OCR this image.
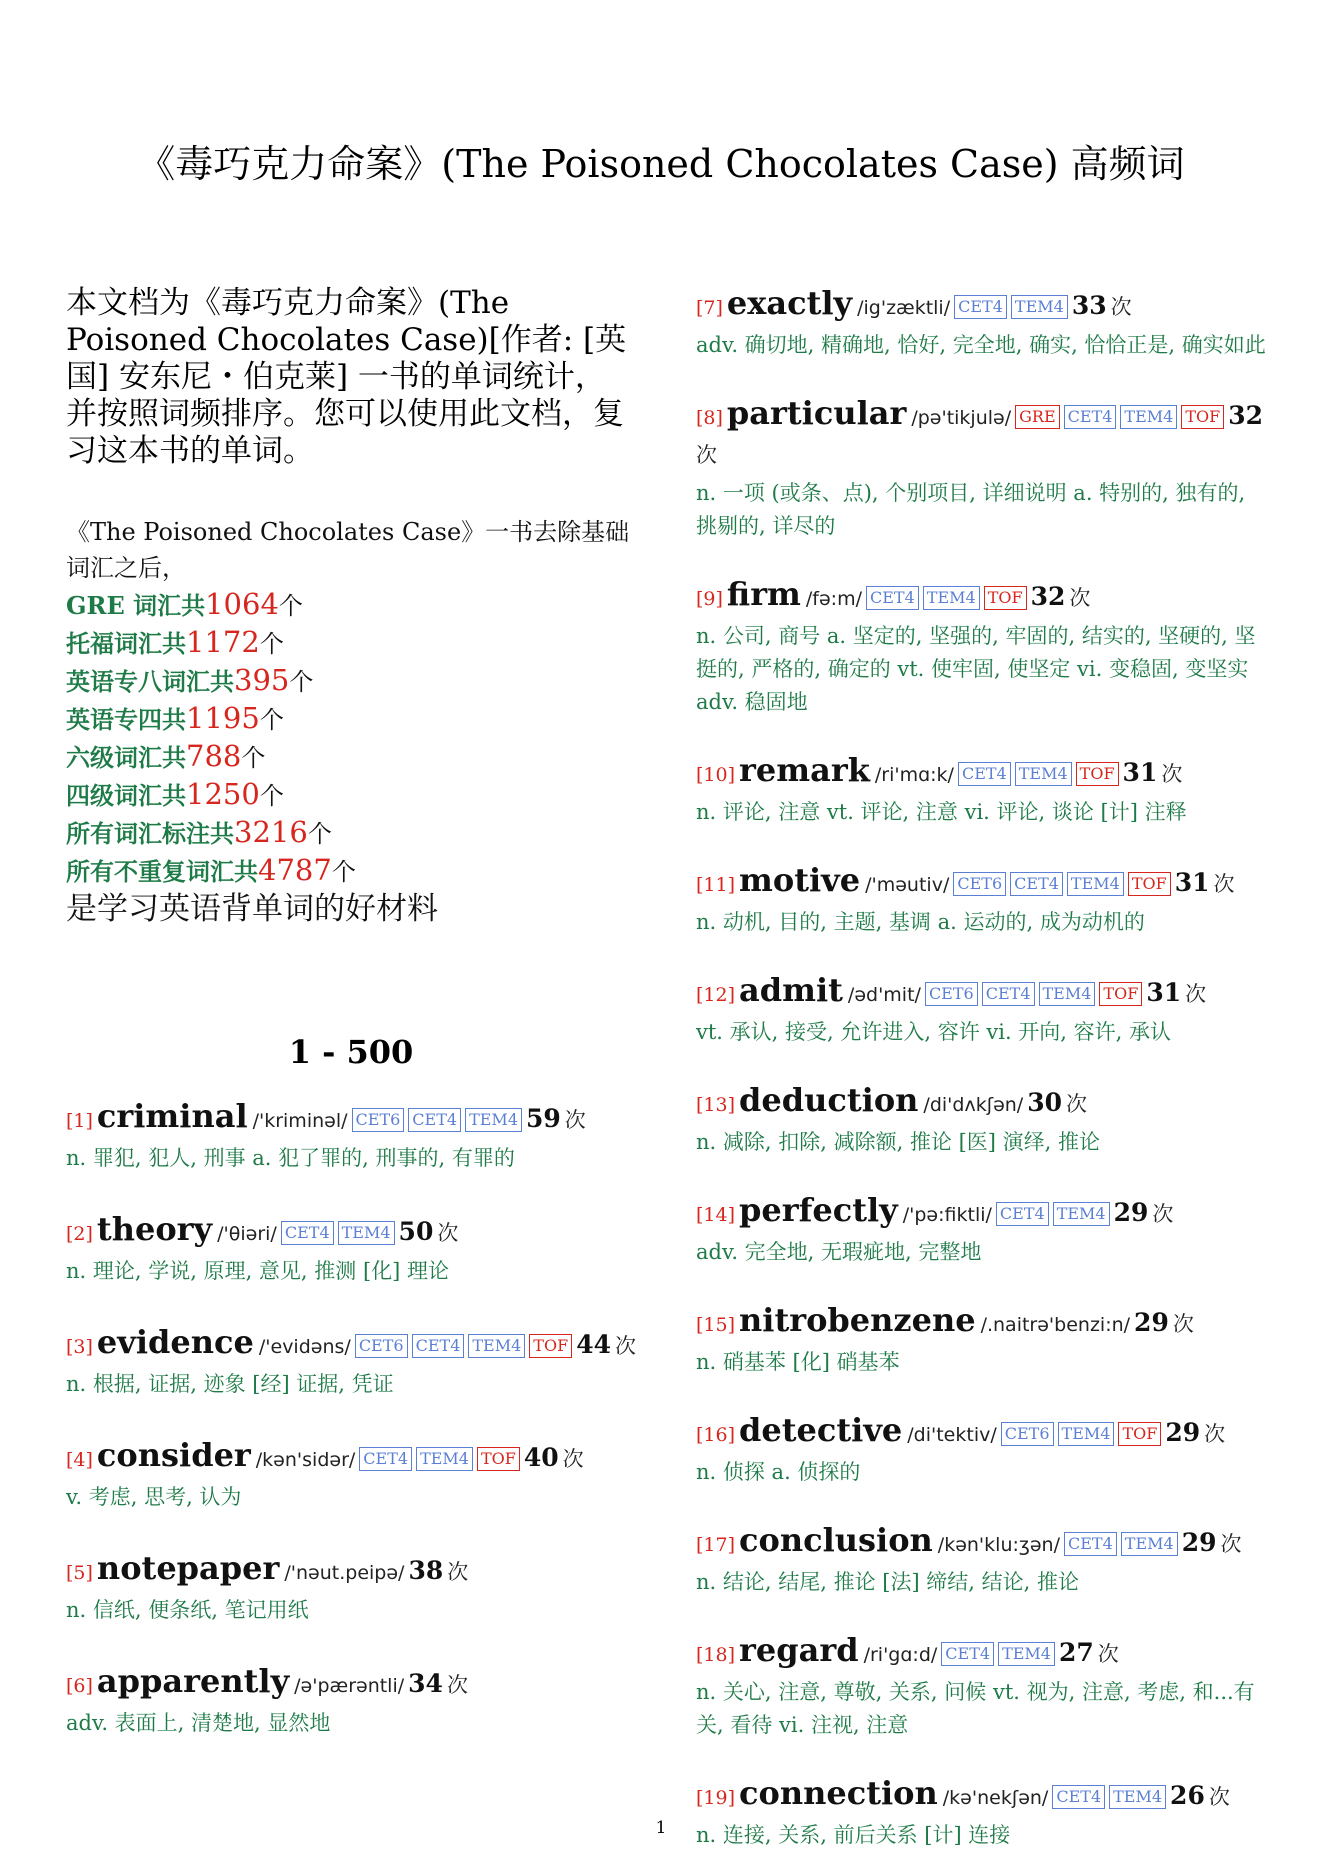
《毒巧克力命案》(The Poisoned Chocolates Case) 高频词
本文档为《毒巧克力命案》(The Poisoned Chocolates Case)[作者: [英国] 安东尼・伯克莱] 一书的单词统计，并按照词频排序。您可以使用此文档，复习这本书的单词。
《The Poisoned Chocolates Case》一书去除基础词汇之后，
GRE 词汇共1064个
托福词汇共1172个
英语专八词汇共395个
英语专四共1195个
六级词汇共788个
四级词汇共1250个
所有词汇标注共3216个
所有不重复词汇共4787个
是学习英语背单词的好材料
1 - 500
[1] criminal /'kriminəl/ CET6 CET4 TEM4 59 次
n. 罪犯, 犯人, 刑事 a. 犯了罪的, 刑事的, 有罪的
[2] theory /'θiəri/ CET4 TEM4 50 次
n. 理论, 学说, 原理, 意见, 推测 [化] 理论
[3] evidence /'evidəns/ CET6 CET4 TEM4 TOF 44 次
n. 根据, 证据, 迹象 [经] 证据, 凭证
[4] consider /kən'sidər/ CET4 TEM4 TOF 40 次
v. 考虑, 思考, 认为
[5] notepaper /'nəut.peipə/ 38 次
n. 信纸, 便条纸, 笔记用纸
[6] apparently /ə'pærəntli/ 34 次
adv. 表面上, 清楚地, 显然地
[7] exactly /ig'zæktli/ CET4 TEM4 33 次
adv. 确切地, 精确地, 恰好, 完全地, 确实, 恰恰正是, 确实如此
[8] particular /pə'tikjulə/ GRE CET4 TEM4 TOF 32次
n. 一项 (或条、点), 个别项目, 详细说明 a. 特别的, 独有的, 挑剔的, 详尽的
[9] firm /fə:m/ CET4 TEM4 TOF 32 次
n. 公司, 商号 a. 坚定的, 坚强的, 牢固的, 结实的, 坚硬的, 坚挺的, 严格的, 确定的 vt. 使牢固, 使坚定 vi. 变稳固, 变坚实 adv. 稳固地
[10] remark /ri'mɑ:k/ CET4 TEM4 TOF 31 次
n. 评论, 注意 vt. 评论, 注意 vi. 评论, 谈论 [计] 注释
[11] motive /'məutiv/ CET6 CET4 TEM4 TOF 31 次
n. 动机, 目的, 主题, 基调 a. 运动的, 成为动机的
[12] admit /əd'mit/ CET6 CET4 TEM4 TOF 31 次
vt. 承认, 接受, 允许进入, 容许 vi. 开向, 容许, 承认
[13] deduction /di'dʌkʃən/ 30 次
n. 减除, 扣除, 减除额, 推论 [医] 演绎, 推论
[14] perfectly /'pə:fiktli/ CET4 TEM4 29 次
adv. 完全地, 无瑕疵地, 完整地
[15] nitrobenzene /.naitrə'benzi:n/ 29 次
n. 硝基苯 [化] 硝基苯
[16] detective /di'tektiv/ CET6 TEM4 TOF 29 次
n. 侦探 a. 侦探的
[17] conclusion /kən'klu:ʒən/ CET4 TEM4 29 次
n. 结论, 结尾, 推论 [法] 缔结, 结论, 推论
[18] regard /ri'gɑ:d/ CET4 TEM4 27 次
n. 关心, 注意, 尊敬, 关系, 问候 vt. 视为, 注意, 考虑, 和...有关, 看待 vi. 注视, 注意
[19] connection /kə'nekʃən/ CET4 TEM4 26 次
n. 连接, 关系, 前后关系 [计] 连接
1
